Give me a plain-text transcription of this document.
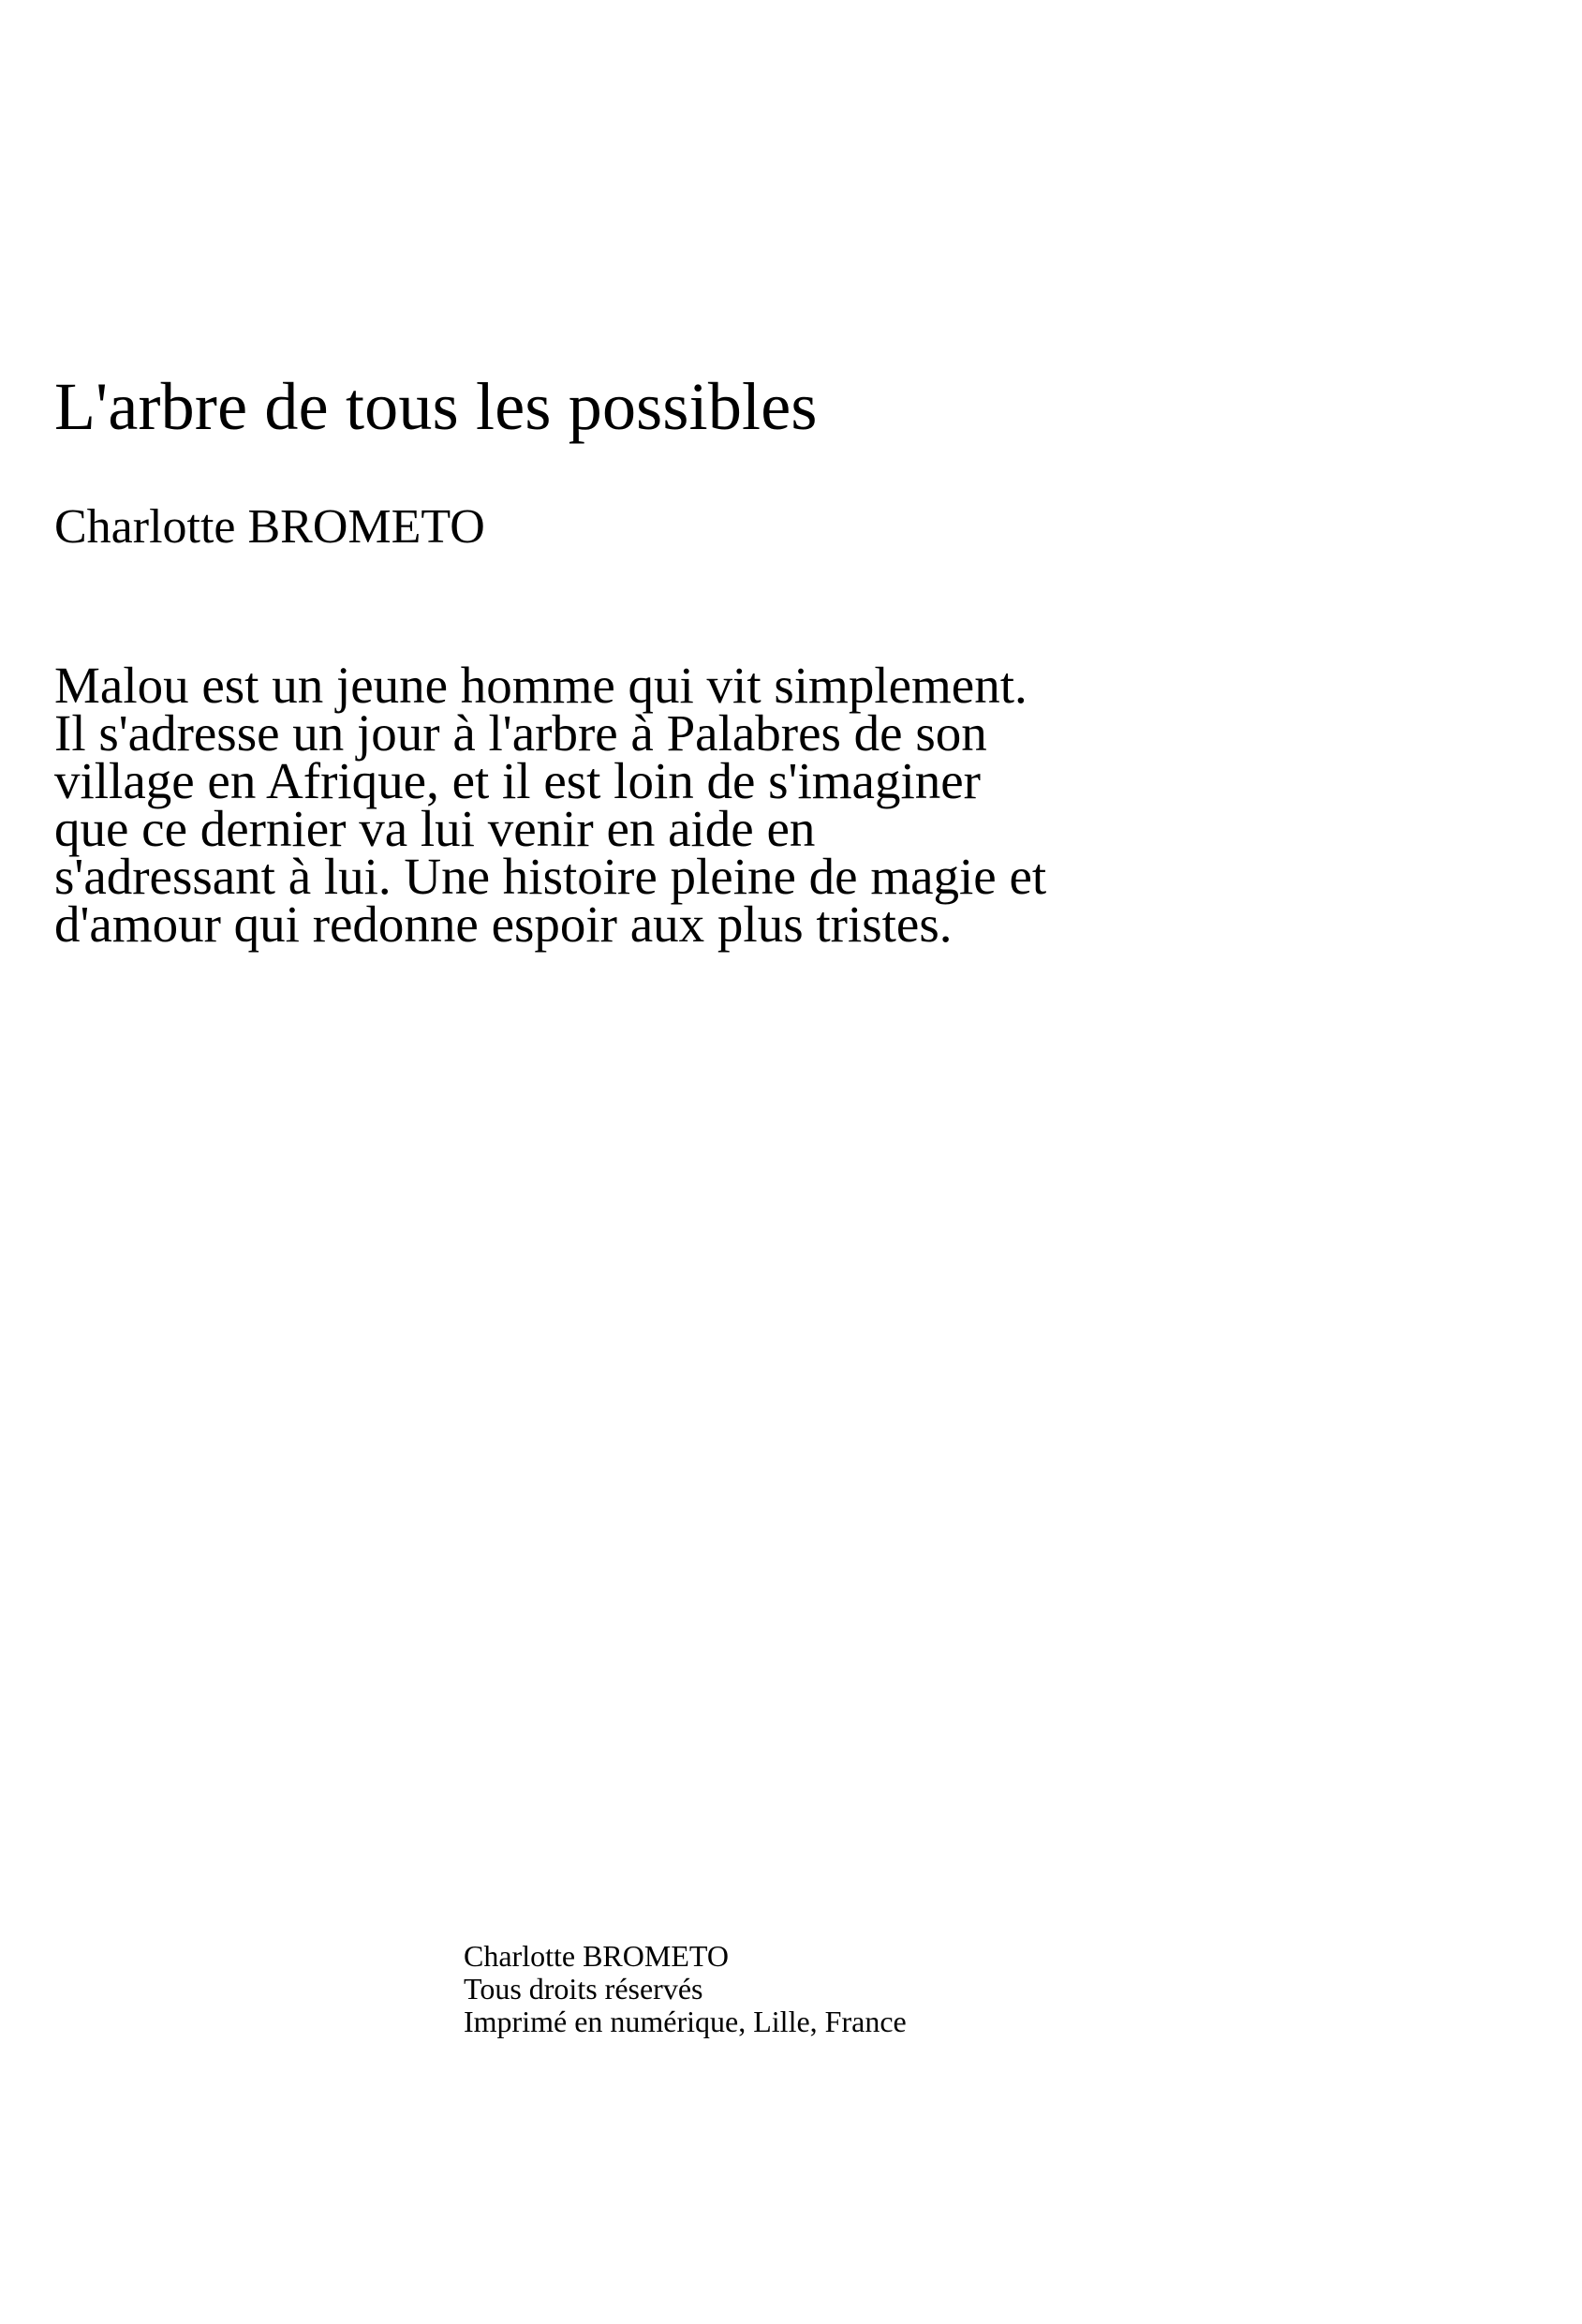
L'arbre de tous les possibles
Charlotte BROMETO

Malou est un jeune homme qui vit simplement.
Il s'adresse un jour à l'arbre à Palabres de son
village en Afrique, et il est loin de s'imaginer
que ce dernier va lui venir en aide en
s'adressant à lui. Une histoire pleine de magie et
d'amour qui redonne espoir aux plus tristes.

Charlotte BROMETO
Tous droits réservés
Imprimé en numérique, Lille, France
